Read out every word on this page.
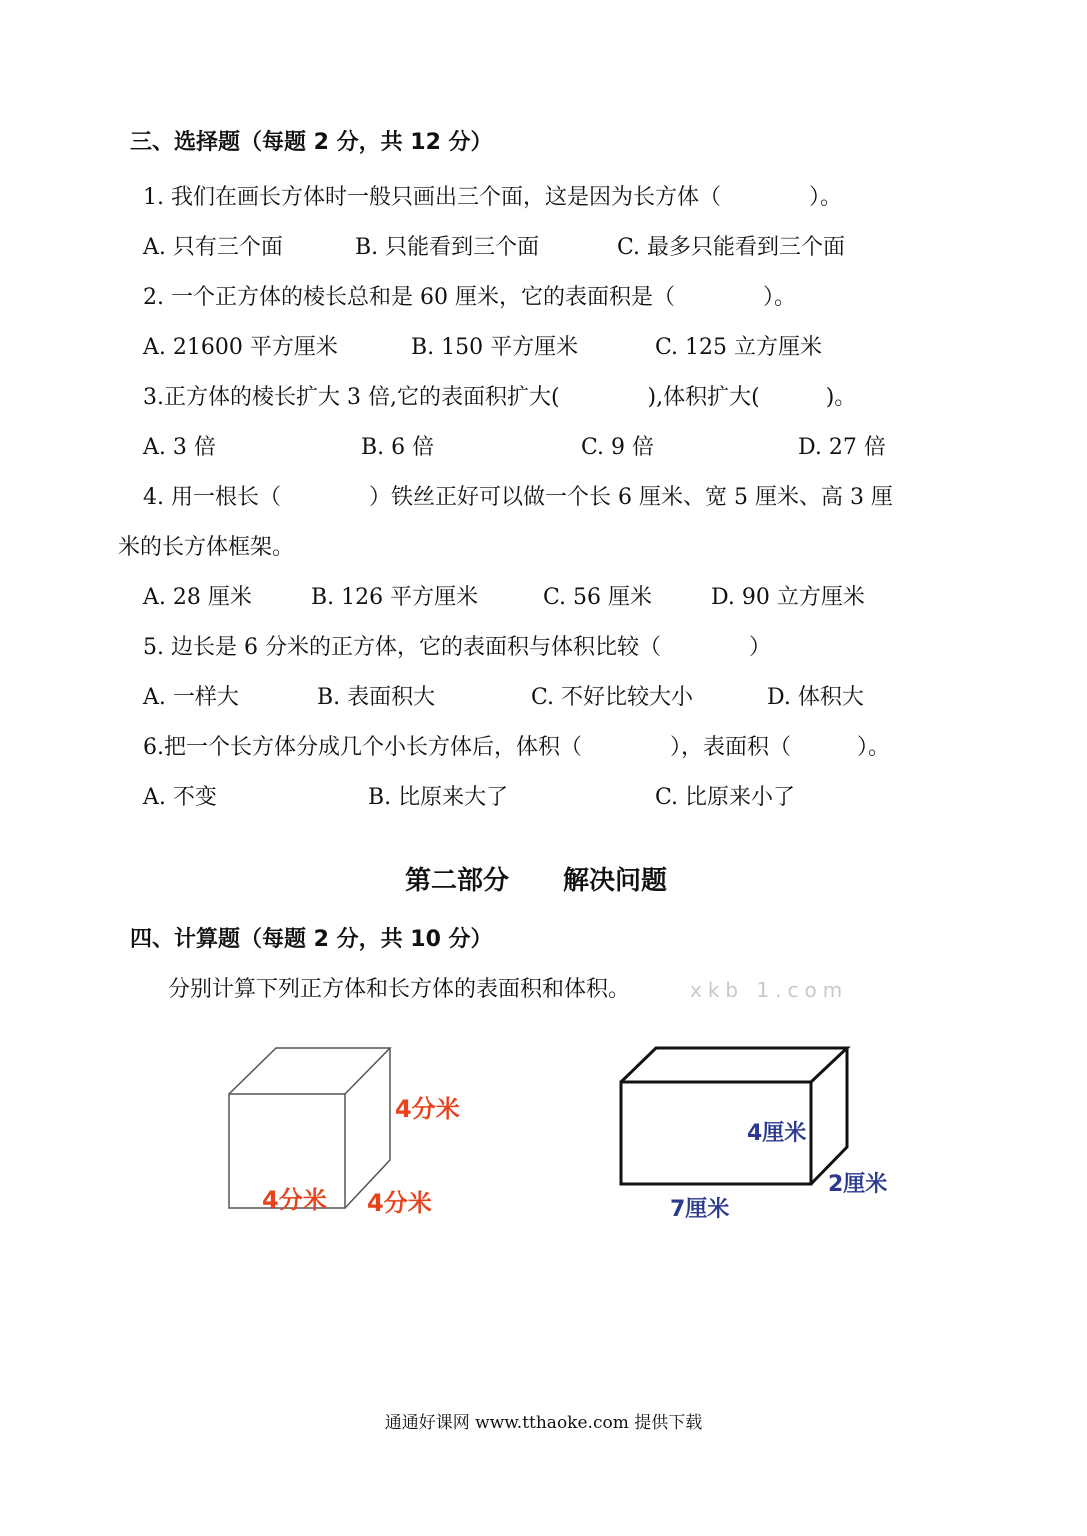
三、选择题（每题 2 分，共 12 分）
1. 我们在画长方体时一般只画出三个面，这是因为长方体（　　　　）。
A. 只有三个面	B. 只能看到三个面	C. 最多只能看到三个面
2. 一个正方体的棱长总和是 60 厘米，它的表面积是（　　　　）。
A. 21600 平方厘米	B. 150 平方厘米	C. 125 立方厘米
3.正方体的棱长扩大 3 倍,它的表面积扩大(　　　　),体积扩大(　　　)。
A. 3 倍	B. 6 倍	C. 9 倍	D. 27 倍
4. 用一根长（　　　　）铁丝正好可以做一个长 6 厘米、宽 5 厘米、高 3 厘
米的长方体框架。
A. 28 厘米	B. 126 平方厘米	C. 56 厘米	D. 90 立方厘米
5. 边长是 6 分米的正方体，它的表面积与体积比较（　　　　）
A. 一样大	B. 表面积大	C. 不好比较大小	D. 体积大
6.把一个长方体分成几个小长方体后，体积（　　　　），表面积（　　　）。
A. 不变	B. 比原来大了	C. 比原来小了
第二部分 解决问题
四、计算题（每题 2 分，共 10 分）
分别计算下列正方体和长方体的表面积和体积。	xkb 1.com
4分米
4分米 4分米
4厘米
2厘米
7厘米
通通好课网 www.tthaoke.com 提供下载
